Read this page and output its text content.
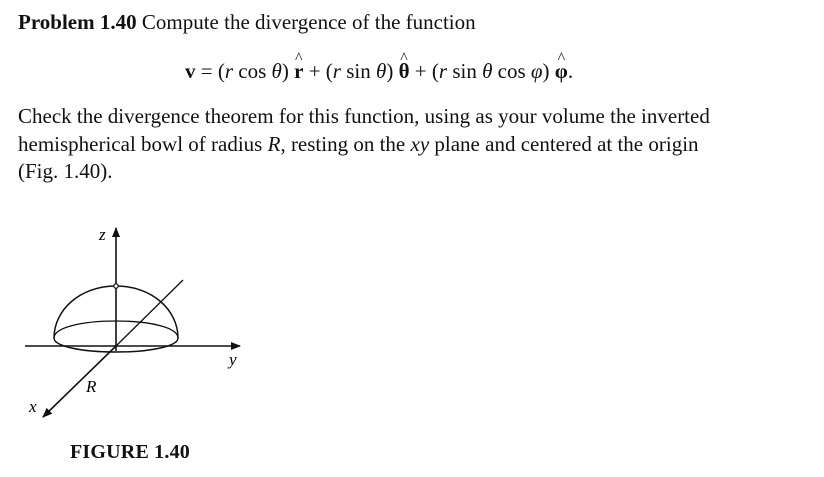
Problem 1.40 Compute the divergence of the function
v = (r cos θ) ^ r + (r sin θ) ^ θ + (r sin θ cos φ) ^ φ.

Check the divergence theorem for this function, using as your volume the inverted

hemispherical bowl of radius R, resting on the xy plane and centered at the origin

(Fig. 1.40).

z
y
x
R
FIGURE 1.40
